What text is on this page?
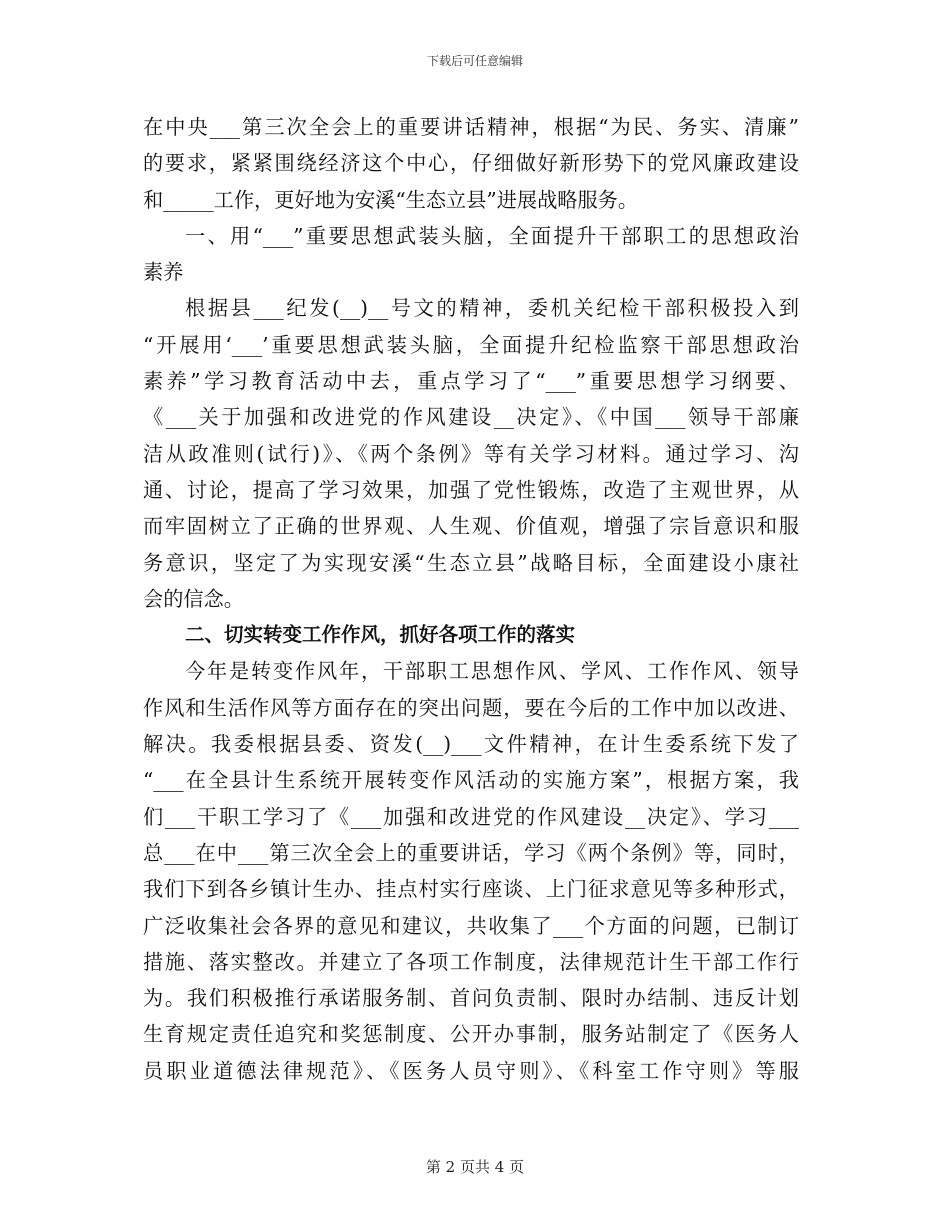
下载后可任意编辑
在中央___第三次全会上的重要讲话精神，根据“为民、务实、清廉”
的要求，紧紧围绕经济这个中心，仔细做好新形势下的党风廉政建设
和_____工作，更好地为安溪“生态立县”进展战略服务。
一、用“___”重要思想武装头脑，全面提升干部职工的思想政治
素养
根据县___纪发(__)__号文的精神，委机关纪检干部积极投入到
“开展用‘___’重要思想武装头脑，全面提升纪检监察干部思想政治
素养”学习教育活动中去，重点学习了“___”重要思想学习纲要、
《___关于加强和改进党的作风建设__决定》、《中国___领导干部廉
洁从政准则(试行)》、《两个条例》等有关学习材料。通过学习、沟
通、讨论，提高了学习效果，加强了党性锻炼，改造了主观世界，从
而牢固树立了正确的世界观、人生观、价值观，增强了宗旨意识和服
务意识，坚定了为实现安溪“生态立县”战略目标，全面建设小康社
会的信念。
二、切实转变工作作风，抓好各项工作的落实
今年是转变作风年，干部职工思想作风、学风、工作作风、领导
作风和生活作风等方面存在的突出问题，要在今后的工作中加以改进、
解决。我委根据县委、资发(__)___文件精神，在计生委系统下发了
“___在全县计生系统开展转变作风活动的实施方案”，根据方案，我
们___干职工学习了《___加强和改进党的作风建设__决定》、学习___
总___在中___第三次全会上的重要讲话，学习《两个条例》等，同时，
我们下到各乡镇计生办、挂点村实行座谈、上门征求意见等多种形式，
广泛收集社会各界的意见和建议，共收集了___个方面的问题，已制订
措施、落实整改。并建立了各项工作制度，法律规范计生干部工作行
为。我们积极推行承诺服务制、首问负责制、限时办结制、违反计划
生育规定责任追究和奖惩制度、公开办事制，服务站制定了《医务人
员职业道德法律规范》、《医务人员守则》、《科室工作守则》等服
第 2 页共 4 页
